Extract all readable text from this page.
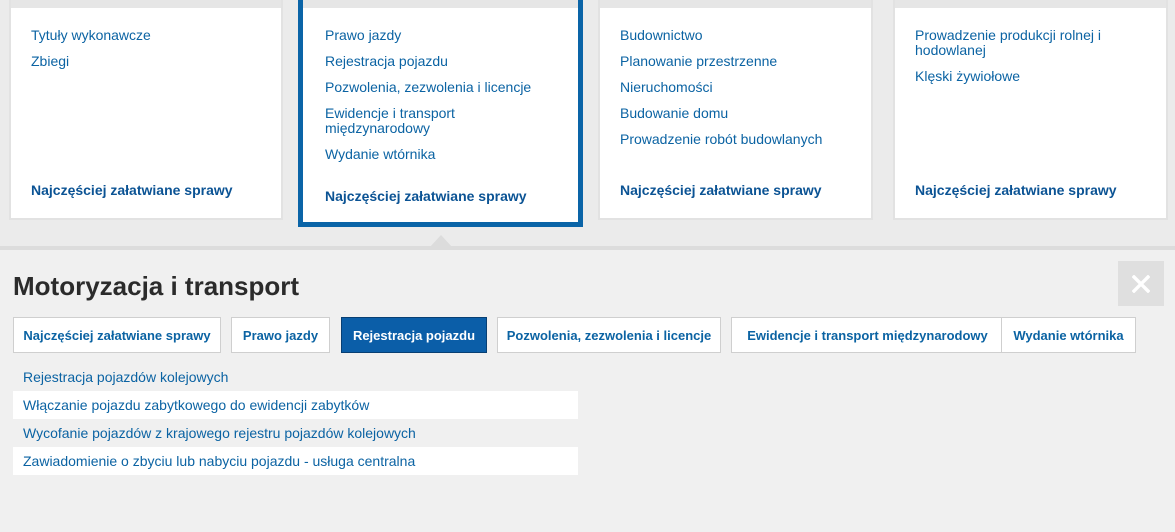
Tytuły wykonawcze
Zbiegi
Najczęściej załatwiane sprawy
Prawo jazdy
Rejestracja pojazdu
Pozwolenia, zezwolenia i licencje
Ewidencje i transport międzynarodowy
Wydanie wtórnika
Najczęściej załatwiane sprawy
Budownictwo
Planowanie przestrzenne
Nieruchomości
Budowanie domu
Prowadzenie robót budowlanych
Najczęściej załatwiane sprawy
Prowadzenie produkcji rolnej i hodowlanej
Klęski żywiołowe
Najczęściej załatwiane sprawy
Motoryzacja i transport
Najczęściej załatwiane sprawy	Prawo jazdy	Rejestracja pojazdu	Pozwolenia, zezwolenia i licencje	Ewidencje i transport międzynarodowy	Wydanie wtórnika
Rejestracja pojazdów kolejowych
Włączanie pojazdu zabytkowego do ewidencji zabytków
Wycofanie pojazdów z krajowego rejestru pojazdów kolejowych
Zawiadomienie o zbyciu lub nabyciu pojazdu - usługa centralna
